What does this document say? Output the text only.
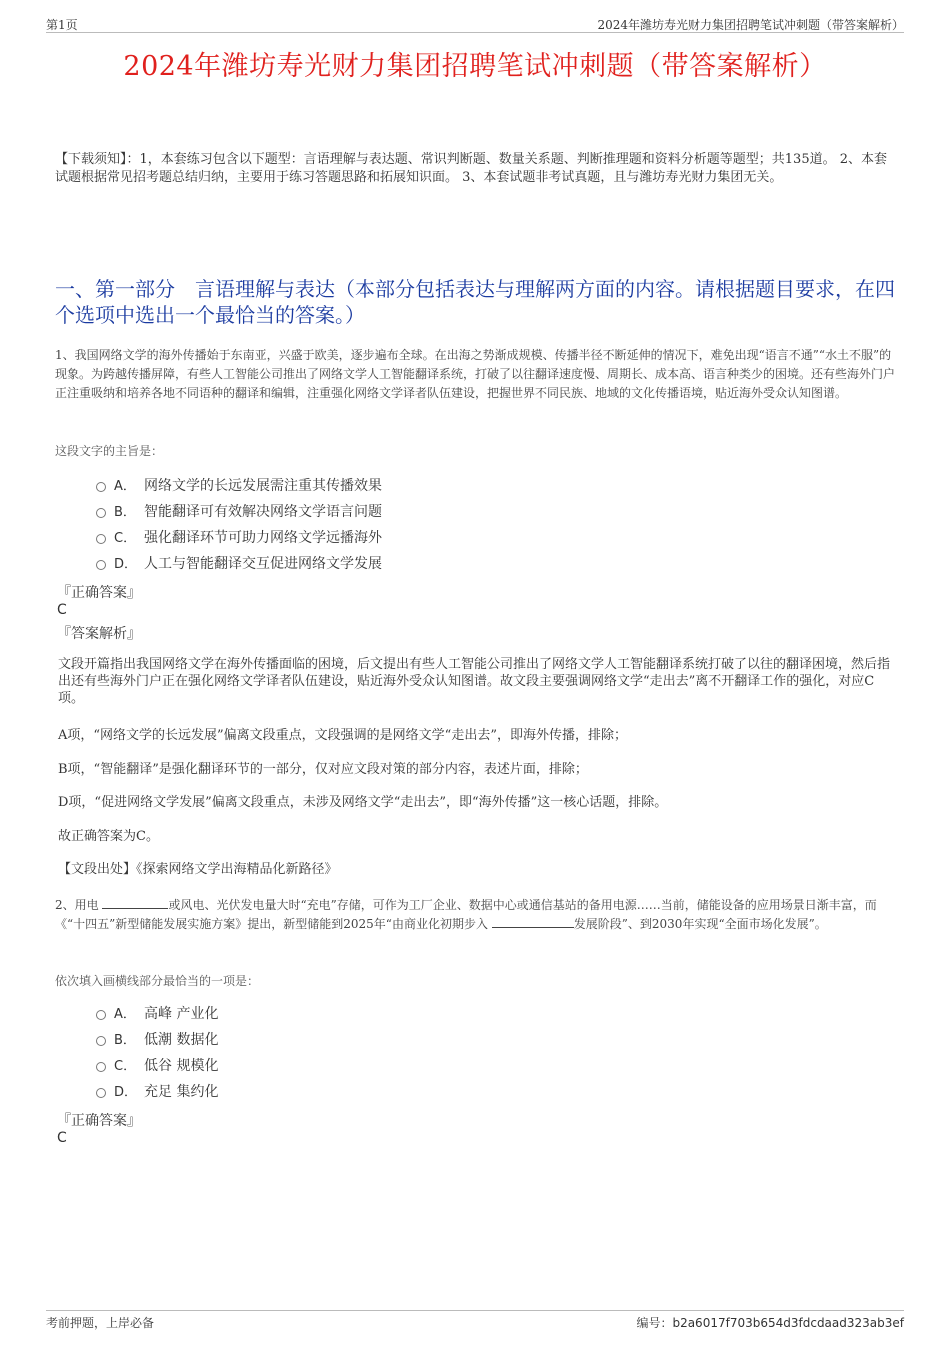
第1页	2024年潍坊寿光财力集团招聘笔试冲刺题（带答案解析）
2024年潍坊寿光财力集团招聘笔试冲刺题（带答案解析）
【下载须知】：1，本套练习包含以下题型：言语理解与表达题、常识判断题、数量关系题、判断推理题和资料分析题等题型；共135道。 2、本套试题根据常见招考题总结归纳，主要用于练习答题思路和拓展知识面。 3、本套试题非考试真题，且与潍坊寿光财力集团无关。
一、第一部分　言语理解与表达（本部分包括表达与理解两方面的内容。请根据题目要求，在四个选项中选出一个最恰当的答案。）
1、我国网络文学的海外传播始于东南亚，兴盛于欧美，逐步遍布全球。在出海之势渐成规模、传播半径不断延伸的情况下，难免出现“语言不通”“水土不服”的现象。为跨越传播屏障，有些人工智能公司推出了网络文学人工智能翻译系统，打破了以往翻译速度慢、周期长、成本高、语言种类少的困境。还有些海外门户正注重吸纳和培养各地不同语种的翻译和编辑，注重强化网络文学译者队伍建设，把握世界不同民族、地域的文化传播语境，贴近海外受众认知图谱。
这段文字的主旨是：
A． 网络文学的长远发展需注重其传播效果
B． 智能翻译可有效解决网络文学语言问题
C． 强化翻译环节可助力网络文学远播海外
D． 人工与智能翻译交互促进网络文学发展
『正确答案』
C
『答案解析』
文段开篇指出我国网络文学在海外传播面临的困境，后文提出有些人工智能公司推出了网络文学人工智能翻译系统打破了以往的翻译困境，然后指出还有些海外门户正在强化网络文学译者队伍建设，贴近海外受众认知图谱。故文段主要强调网络文学“走出去”离不开翻译工作的强化，对应C项。
A项，“网络文学的长远发展”偏离文段重点，文段强调的是网络文学“走出去”，即海外传播，排除；
B项，“智能翻译”是强化翻译环节的一部分，仅对应文段对策的部分内容，表述片面，排除；
D项，“促进网络文学发展”偏离文段重点，未涉及网络文学“走出去”，即“海外传播”这一核心话题，排除。
故正确答案为C。
【文段出处】《探索网络文学出海精品化新路径》
2、用电	或风电、光伏发电量大时“充电”存储，可作为工厂企业、数据中心或通信基站的备用电源……当前，储能设备的应用场景日渐丰富，而《“十四五”新型储能发展实施方案》提出，新型储能到2025年“由商业化初期步入	发展阶段”、到2030年实现“全面市场化发展”。
依次填入画横线部分最恰当的一项是：
A． 高峰 产业化
B． 低潮 数据化
C． 低谷 规模化
D． 充足 集约化
『正确答案』
C
考前押题，上岸必备	编号：b2a6017f703b654d3fdcdaad323ab3ef
